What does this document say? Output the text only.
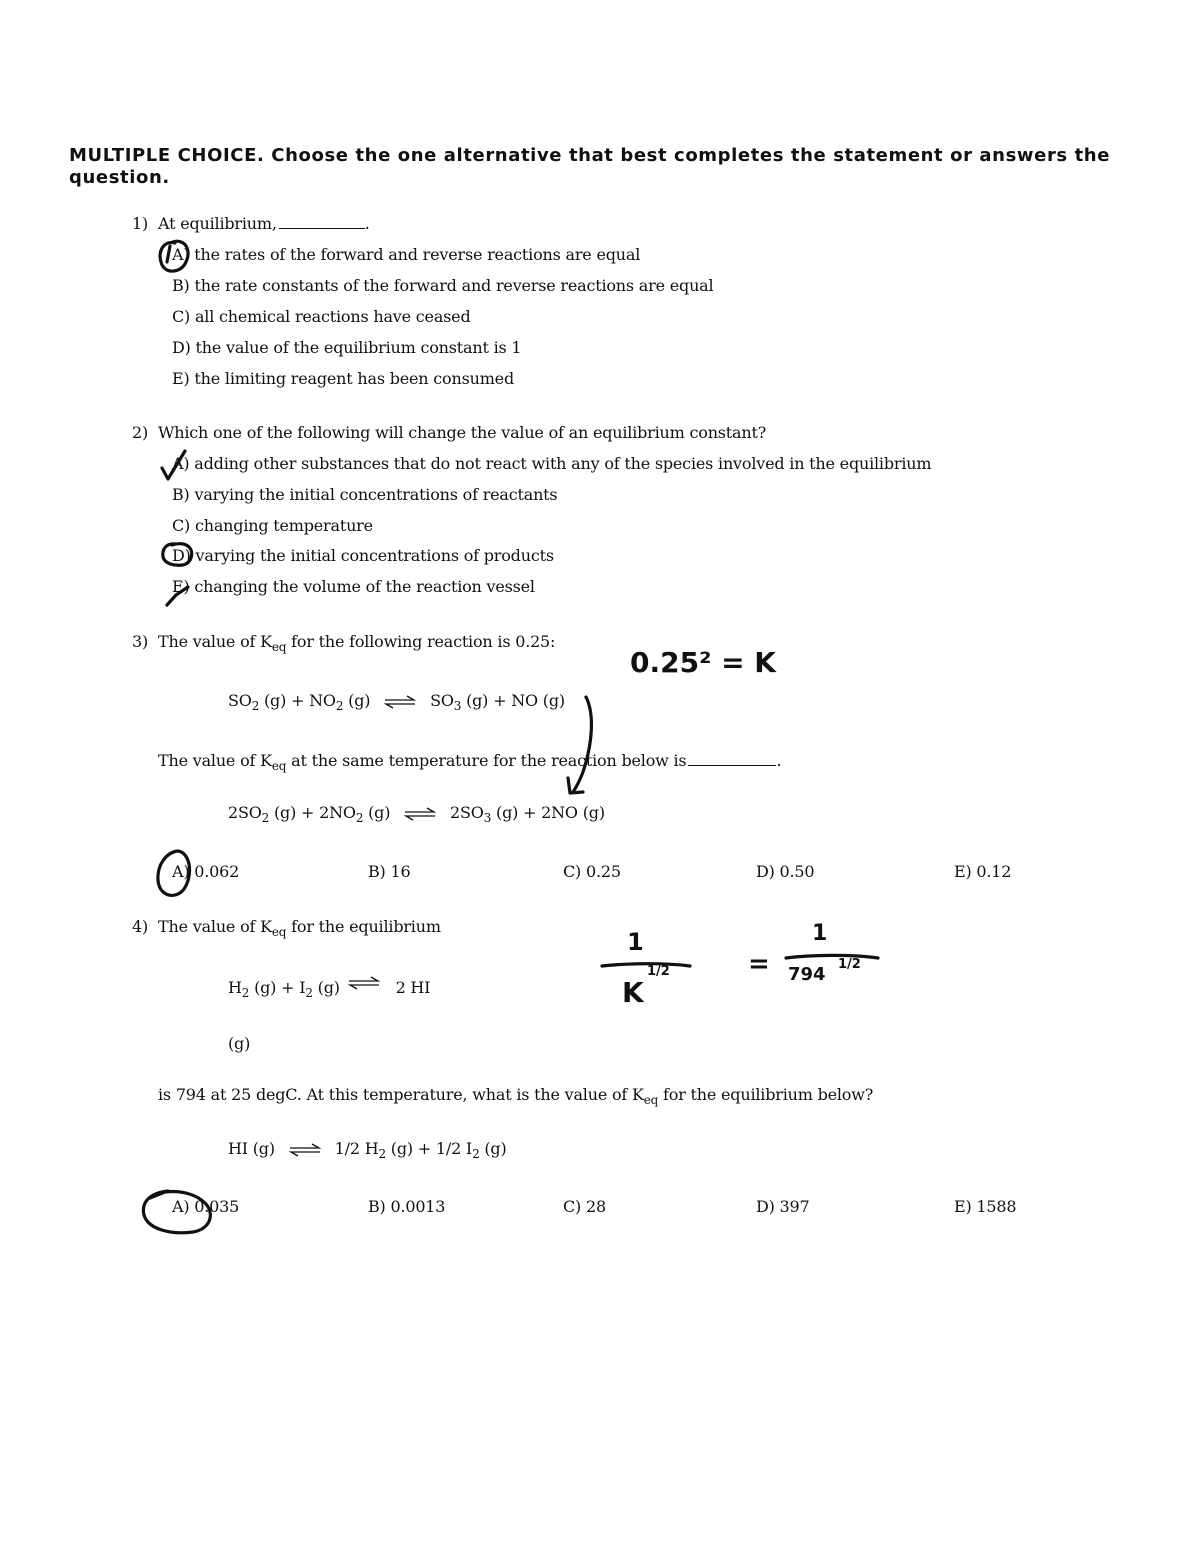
MULTIPLE CHOICE. Choose the one alternative that best completes the statement or answers the
question.
1) At equilibrium,	.
A) the rates of the forward and reverse reactions are equal
B) the rate constants of the forward and reverse reactions are equal
C) all chemical reactions have ceased
D) the value of the equilibrium constant is 1
E) the limiting reagent has been consumed
2) Which one of the following will change the value of an equilibrium constant?
A) adding other substances that do not react with any of the species involved in the equilibrium
B) varying the initial concentrations of reactants
C) changing temperature
D) varying the initial concentrations of products
E) changing the volume of the reaction vessel
3) The value of $K_{eq}$ for the following reaction is 0.25:
$SO_2$ $(g) + NO_2$ (g) ⇌ $SO_3$ (g) + NO (g)
The value of $K_{eq}$ at the same temperature for the reaction below is	.
$2SO_2$ $(g) + 2NO_2$ (g) ⇌ $2SO_3$ (g) + 2NO (g)
A) 0.062	B) 16	C) 0.25	D) 0.50	E) 0.12
4) The value of $K_{eq}$ for the equilibrium
$H_2$ $(g) + I_2$ (g) ⇌ 2 HI
(g)
is 794 at 25 degC. At this temperature, what is the value of $K_{eq}$ for the equilibrium below?
HI (g) ⇌ 1/2 $H_2$ (g) + 1/2 $I_2$ (g)
A) 0.035	B) 0.0013	C) 28	D) 397	E) 1588
0.25² = K
1
K
1/2	=
1
794 1/2
